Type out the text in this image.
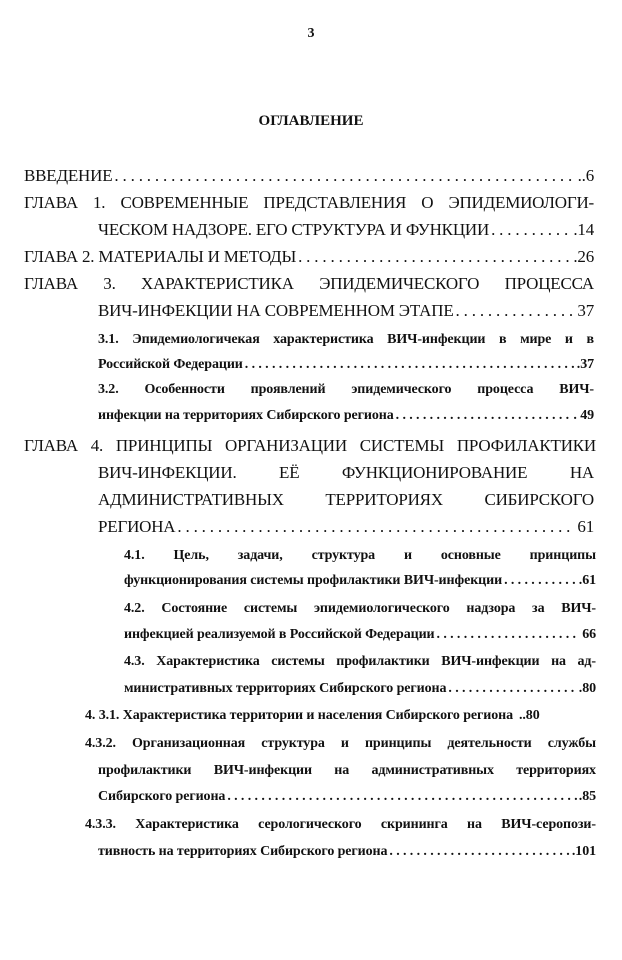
3
ОГЛАВЛЕНИЕ
ВВЕДЕНИЕ . . .	..6
ГЛАВА 1. СОВРЕМЕННЫЕ ПРЕДСТАВЛЕНИЯ О ЭПИДЕМИОЛОГИ-
ЧЕСКОМ НАДЗОРЕ. ЕГО СТРУКТУРА И ФУНКЦИИ . . .	.14
ГЛАВА 2. МАТЕРИАЛЫ И МЕТОДЫ . . .	.26
ГЛАВА 3. ХАРАКТЕРИСТИКА ЭПИДЕМИЧЕСКОГО ПРОЦЕССА
ВИЧ-ИНФЕКЦИИ НА СОВРЕМЕННОМ ЭТАПЕ . . .	37
3.1. Эпидемиологичекая характеристика ВИЧ-инфекции в мире и в
Российской Федерации . . .	.37
3.2. Особенности проявлений эпидемического процесса ВИЧ-
инфекции на территориях Сибирского региона . . .	. 49
ГЛАВА 4. ПРИНЦИПЫ ОРГАНИЗАЦИИ СИСТЕМЫ ПРОФИЛАКТИКИ
ВИЧ-ИНФЕКЦИИ.	ЕЁ	ФУНКЦИОНИРОВАНИЕ	НА
АДМИНИСТРАТИВНЫХ ТЕРРИТОРИЯХ СИБИРСКОГО
РЕГИОНА . . .	61
4.1. Цель, задачи, структура и основные принципы
функционирования системы профилактики ВИЧ-инфекции . . .	.61
4.2. Состояние системы эпидемиологического надзора за ВИЧ-
инфекцией реализуемой в Российской Федерации . . .	66
4.3. Характеристика системы профилактики ВИЧ-инфекции на ад-
министративных территориях Сибирского региона . . .	.80
4. 3.1. Характеристика территории и населения Сибирского региона ..80
4.3.2. Организационная структура и принципы деятельности службы
профилактики ВИЧ-инфекции на административных территориях
Сибирского региона . . .	.85
4.3.3. Характеристика серологического скрининга на ВИЧ-серопози-
тивность на территориях Сибирского региона . . .	.101
